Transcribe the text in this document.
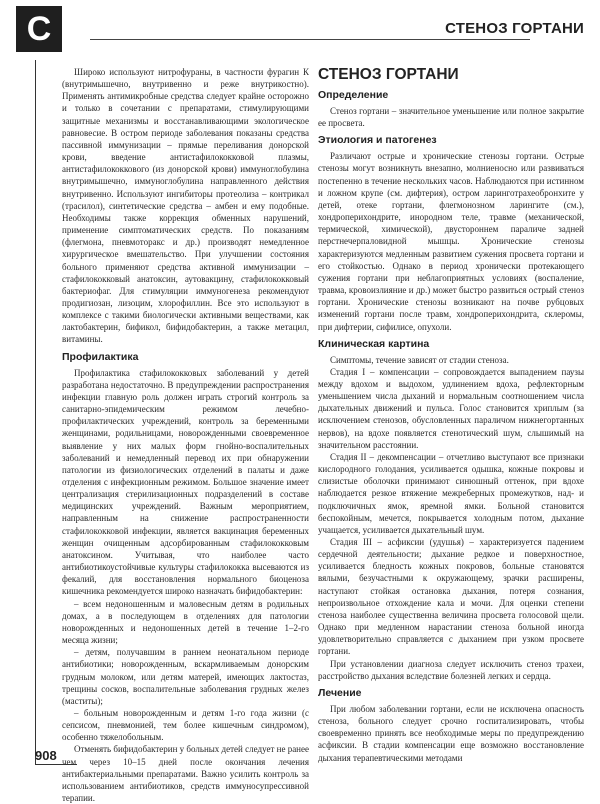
С	СТЕНОЗ ГОРТАНИ

Широко используют нитрофураны, в частности фурагин К (внутримышечно, внутривенно и реже внутрикостно). Применять антимикробные средства следует крайне осторожно и только в сочетании с препаратами, стимулирующими защитные механизмы и восстанавливающими экологическое равновесие. В остром периоде заболевания показаны средства пассивной иммунизации – прямые переливания донорской крови, введение антистафилококковой плазмы, антистафилококкового (из донорской крови) иммуноглобулина внутримышечно, иммуноглобулина направленного действия внутривенно. Используют ингибиторы протеолиза – контрикал (трасилол), синтетические средства – амбен и ему подобные. Необходимы также коррекция обменных нарушений, применение симптоматических средств. По показаниям (флегмона, пневмоторакс и др.) производят немедленное хирургическое вмешательство. При улучшении состояния больного применяют средства активной иммунизации – стафилококковый анатоксин, аутовакцину, стафилококковый бактериофаг. Для стимуляции иммуногенеза рекомендуют продигиозан, лизоцим, хлорофиллин. Все это используют в комплексе с такими биологически активными веществами, как лактобактерин, бификол, бифидобактерин, а также метацил, витамины.

Профилактика

Профилактика стафилококковых заболеваний у детей разработана недостаточно. В предупреждении распространения инфекции главную роль должен играть строгий контроль за санитарно-эпидемическим режимом лечебно-профилактических учреждений, контроль за беременными женщинами, родильницами, новорожденными своевременное выявление у них малых форм гнойно-воспалительных заболеваний и немедленный перевод их при обнаружении патологии из физиологических отделений в палаты и даже отделения с инфекционным режимом. Большое значение имеет централизация стерилизационных подразделений в составе медицинских учреждений. Важным мероприятием, направленным на снижение распространенности стафилококковой инфекции, является вакцинация беременных женщин очищенным адсорбированным стафилококковым анатоксином. Учитывая, что наиболее часто антибиотикоустойчивые культуры стафилококка высеваются из фекалий, для восстановления нормального биоценоза кишечника рекомендуется широко назначать бифидобактерин:

– всем недоношенным и маловесным детям в родильных домах, а в последующем в отделениях для патологии новорожденных и недоношенных детей в течение 1–2-го месяца жизни;

– детям, получавшим в раннем неонатальном периоде антибиотики; новорожденным, вскармливаемым донорским грудным молоком, или детям матерей, имеющих лактостаз, трещины сосков, воспалительные заболевания грудных желез (маститы);

– больным новорожденным и детям 1-го года жизни (с сепсисом, пневмонией, тем более кишечным синдромом), особенно тяжелобольным.

Отменять бифидобактерин у больных детей следует не ранее чем через 10–15 дней после окончания лечения антибактериальными препаратами. Важно усилить контроль за использованием антибиотиков, средств иммуносупрессивной терапии.

СТЕНОЗ ГОРТАНИ
Определение

Стеноз гортани – значительное уменьшение или полное закрытие ее просвета.

Этиология и патогенез

Различают острые и хронические стенозы гортани. Острые стенозы могут возникнуть внезапно, молниеносно или развиваться постепенно в течение нескольких часов. Наблюдаются при истинном и ложном крупе (см. дифтерия), остром ларинготрахеобронхите у детей, отеке гортани, флегмонозном ларингите (см.), хондроперихондрите, инородном теле, травме (механической, термической, химической), двустороннем параличе задней перстнечерпаловидной мышцы. Хронические стенозы характеризуются медленным развитием сужения просвета гортани и его стойкостью. Однако в период хронически протекающего сужения гортани при неблагоприятных условиях (воспаление, травма, кровоизлияние и др.) может быстро развиться острый стеноз гортани. Хронические стенозы возникают на почве рубцовых изменений гортани после травм, хондроперихондрита, склеромы, при дифтерии, сифилисе, опухоли.

Клиническая картина

Симптомы, течение зависят от стадии стеноза.

Стадия I – компенсации – сопровождается выпадением паузы между вдохом и выдохом, удлинением вдоха, рефлекторным уменьшением числа дыханий и нормальным соотношением числа дыхательных движений и пульса. Голос становится хриплым (за исключением стенозов, обусловленных параличом нижнегортанных нервов), на вдохе появляется стенотический шум, слышимый на значительном расстоянии.

Стадия II – декомпенсации – отчетливо выступают все признаки кислородного голодания, усиливается одышка, кожные покровы и слизистые оболочки принимают синюшный оттенок, при вдохе наблюдается резкое втяжение межреберных промежутков, над- и подключичных ямок, яремной ямки. Больной становится беспокойным, мечется, покрывается холодным потом, дыхание учащается, усиливается дыхательный шум.

Стадия III – асфиксии (удушья) – характеризуется падением сердечной деятельности; дыхание редкое и поверхностное, усиливается бледность кожных покровов, больные становятся вялыми, безучастными к окружающему, зрачки расширены, наступают стойкая остановка дыхания, потеря сознания, непроизвольное отхождение кала и мочи. Для оценки степени стеноза наиболее существенна величина просвета голосовой щели. Однако при медленном нарастании стеноза больной иногда удовлетворительно справляется с дыханием при узком просвете гортани.

При установлении диагноза следует исключить стеноз трахеи, расстройство дыхания вследствие болезней легких и сердца.

Лечение

При любом заболевании гортани, если не исключена опасность стеноза, больного следует срочно госпитализировать, чтобы своевременно принять все необходимые меры по предупреждению асфиксии. В стадии компенсации еще возможно восстановление дыхания терапевтическими методами

908
